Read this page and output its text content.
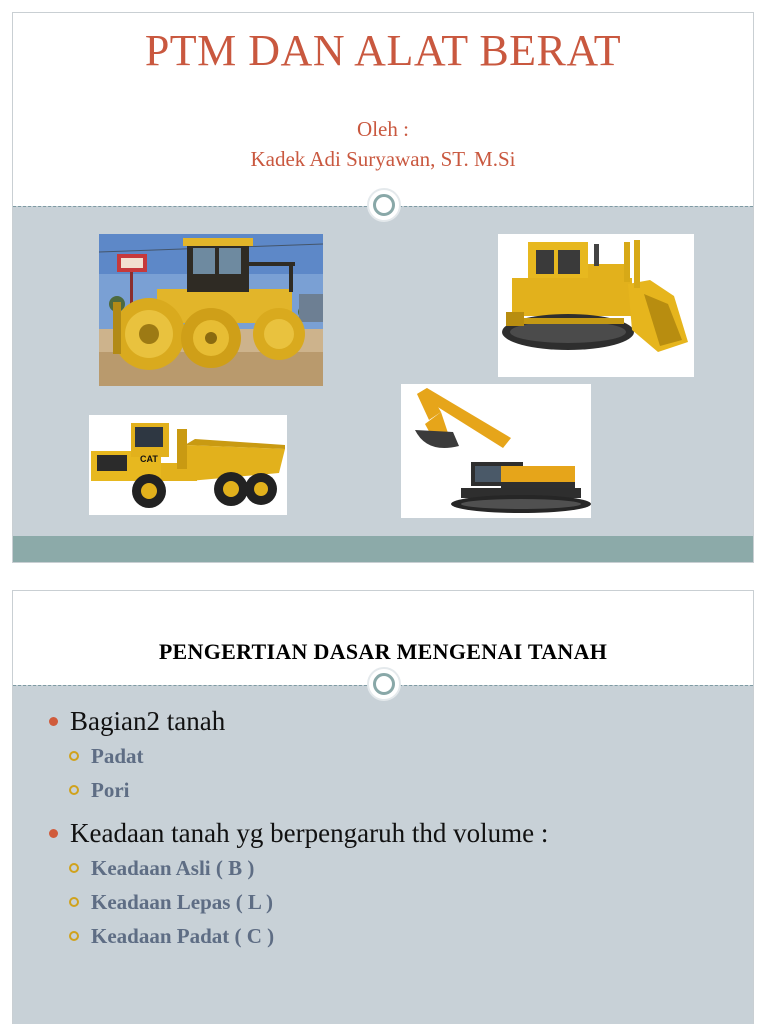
PTM DAN ALAT BERAT
Oleh :
Kadek Adi Suryawan, ST. M.Si
CAT
PENGERTIAN DASAR MENGENAI TANAH
Bagian2 tanah
Padat
Pori
Keadaan tanah yg berpengaruh thd volume :
Keadaan Asli ( B )
Keadaan Lepas ( L )
Keadaan Padat ( C )
